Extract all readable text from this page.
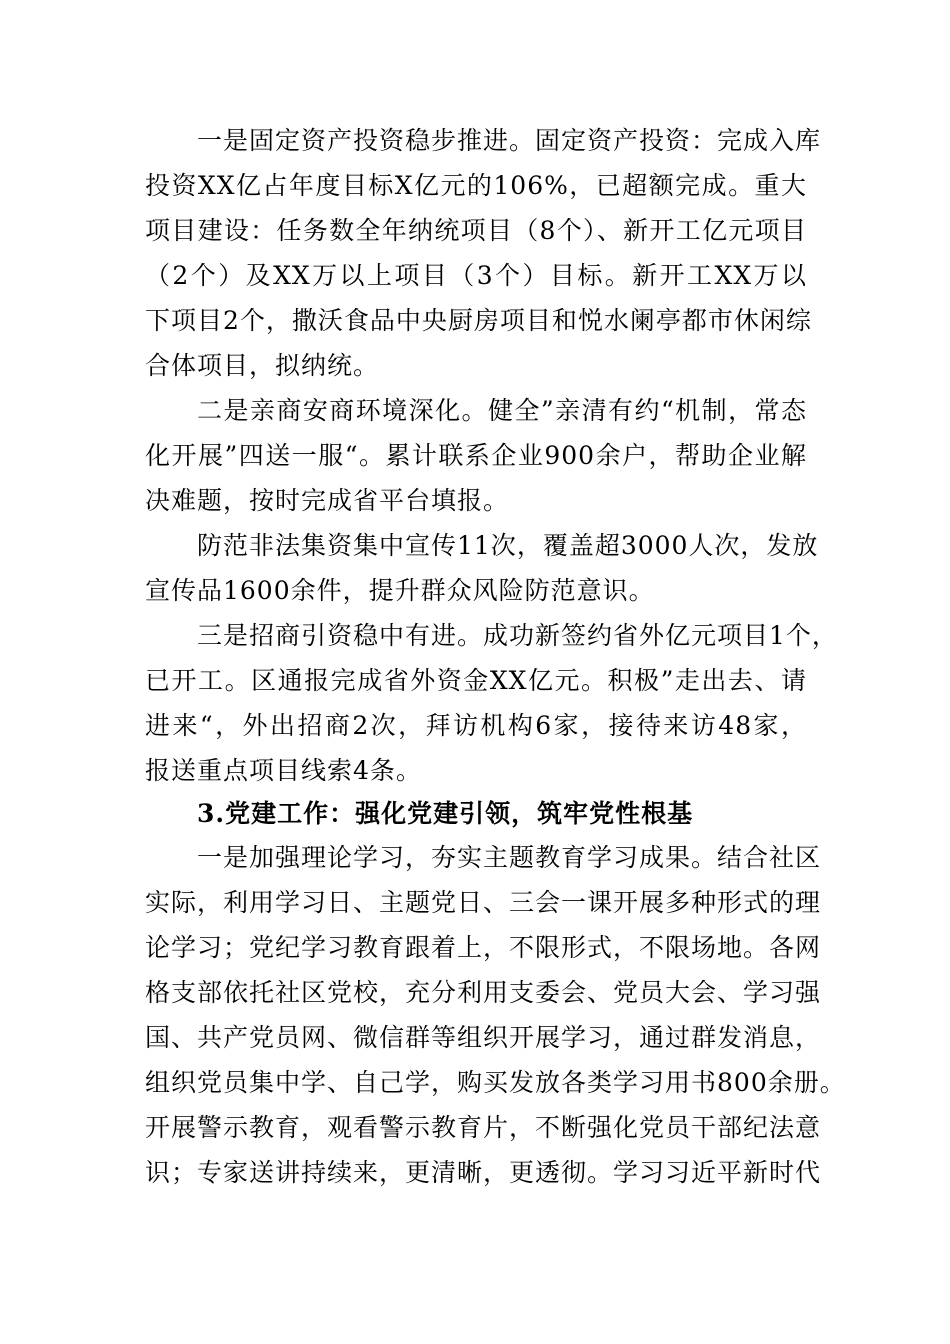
一是固定资产投资稳步推进。固定资产投资：完成入库
投资XX亿占年度目标X亿元的106%，已超额完成。重大
项目建设：任务数全年纳统项目（8个）、新开工亿元项目
（2个）及XX万以上项目（3个）目标。新开工XX万以
下项目2个，撒沃食品中央厨房项目和悦水阑亭都市休闲综
合体项目，拟纳统。
二是亲商安商环境深化。健全”亲清有约“机制，常态
化开展”四送一服“。累计联系企业900余户，帮助企业解
决难题，按时完成省平台填报。
防范非法集资集中宣传11次，覆盖超3000人次，发放
宣传品1600余件，提升群众风险防范意识。
三是招商引资稳中有进。成功新签约省外亿元项目1个，
已开工。区通报完成省外资金XX亿元。积极”走出去、请
进来“，外出招商2次，拜访机构6家，接待来访48家，
报送重点项目线索4条。
3.党建工作：强化党建引领，筑牢党性根基
一是加强理论学习，夯实主题教育学习成果。结合社区
实际，利用学习日、主题党日、三会一课开展多种形式的理
论学习；党纪学习教育跟着上，不限形式，不限场地。各网
格支部依托社区党校，充分利用支委会、党员大会、学习强
国、共产党员网、微信群等组织开展学习，通过群发消息，
组织党员集中学、自己学，购买发放各类学习用书800余册。
开展警示教育，观看警示教育片，不断强化党员干部纪法意
识；专家送讲持续来，更清晰，更透彻。学习习近平新时代
